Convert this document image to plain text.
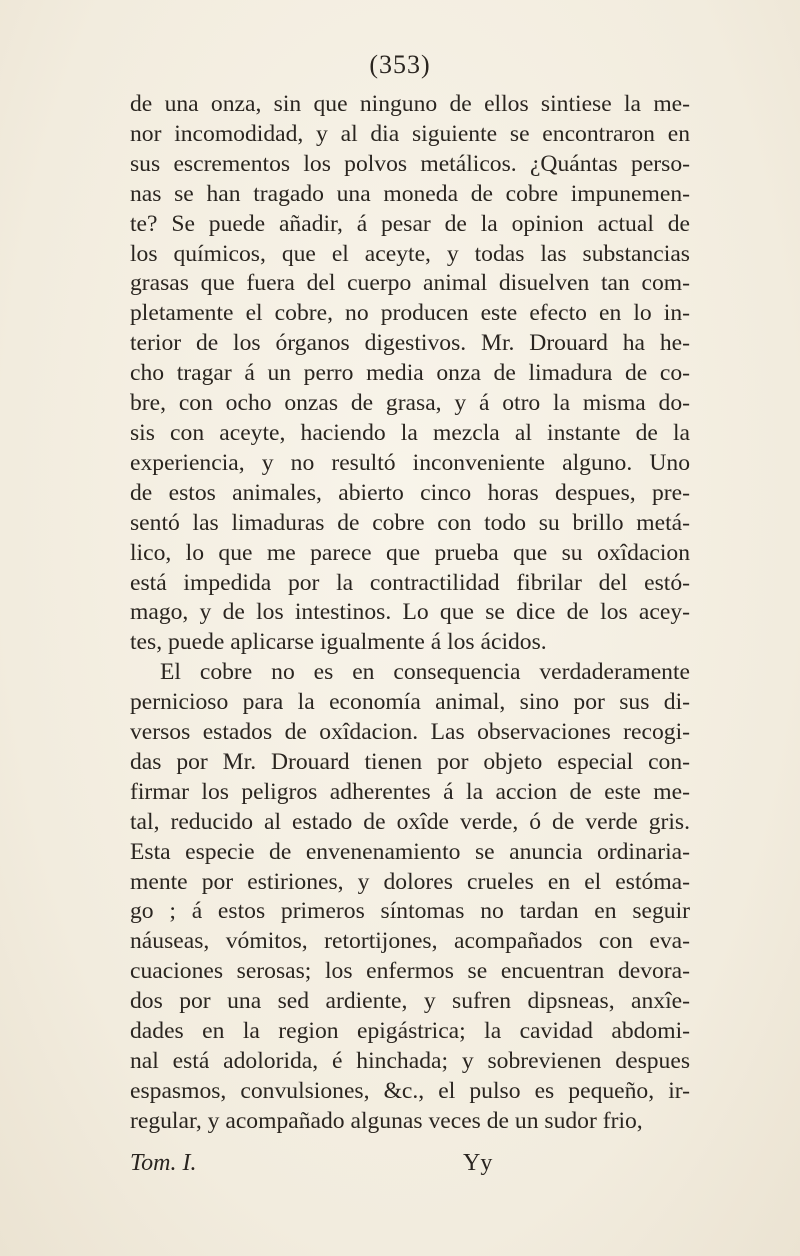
(353)
de una onza, sin que ninguno de ellos sintiese la me-
nor incomodidad, y al dia siguiente se encontraron en
sus escrementos los polvos metálicos. ¿Quántas perso-
nas se han tragado una moneda de cobre impunemen-
te? Se puede añadir, á pesar de la opinion actual de
los químicos, que el aceyte, y todas las substancias
grasas que fuera del cuerpo animal disuelven tan com-
pletamente el cobre, no producen este efecto en lo in-
terior de los órganos digestivos. Mr. Drouard ha he-
cho tragar á un perro media onza de limadura de co-
bre, con ocho onzas de grasa, y á otro la misma do-
sis con aceyte, haciendo la mezcla al instante de la
experiencia, y no resultó inconveniente alguno. Uno
de estos animales, abierto cinco horas despues, pre-
sentó las limaduras de cobre con todo su brillo metá-
lico, lo que me parece que prueba que su oxîdacion
está impedida por la contractilidad fibrilar del estó-
mago, y de los intestinos. Lo que se dice de los acey-
tes, puede aplicarse igualmente á los ácidos.
El cobre no es en consequencia verdaderamente
pernicioso para la economía animal, sino por sus di-
versos estados de oxîdacion. Las observaciones recogi-
das por Mr. Drouard tienen por objeto especial con-
firmar los peligros adherentes á la accion de este me-
tal, reducido al estado de oxîde verde, ó de verde gris.
Esta especie de envenenamiento se anuncia ordinaria-
mente por estiriones, y dolores crueles en el estóma-
go ; á estos primeros síntomas no tardan en seguir
náuseas, vómitos, retortijones, acompañados con eva-
cuaciones serosas; los enfermos se encuentran devora-
dos por una sed ardiente, y sufren dipsneas, anxîe-
dades en la region epigástrica; la cavidad abdomi-
nal está adolorida, é hinchada; y sobrevienen despues
espasmos, convulsiones, &c., el pulso es pequeño, ir-
regular, y acompañado algunas veces de un sudor frio,
Tom. I.	Yy
